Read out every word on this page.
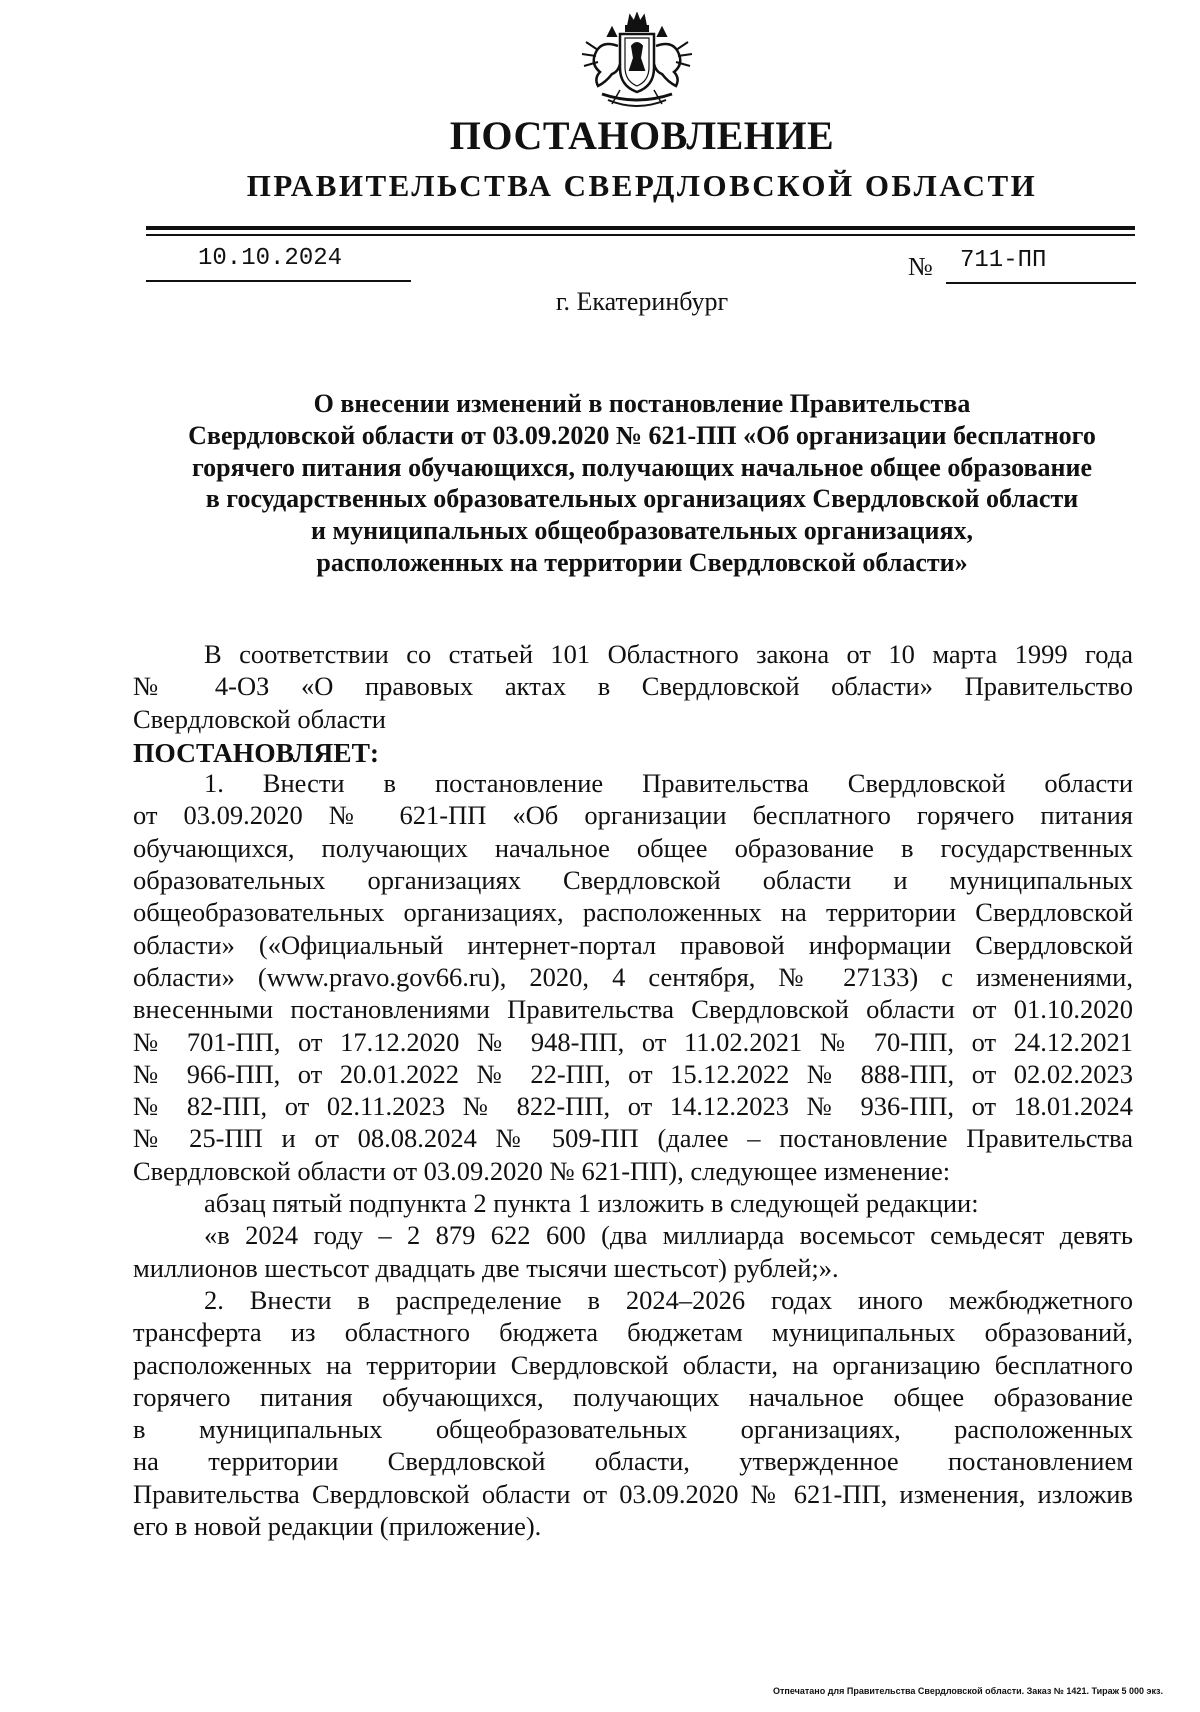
ПОСТАНОВЛЕНИЕ
ПРАВИТЕЛЬСТВА СВЕРДЛОВСКОЙ ОБЛАСТИ
10.10.2024	№ 711-ПП
г. Екатеринбург
О внесении изменений в постановление Правительства
Свердловской области от 03.09.2020 № 621-ПП «Об организации бесплатного
горячего питания обучающихся, получающих начальное общее образование
в государственных образовательных организациях Свердловской области
и муниципальных общеобразовательных организациях,
расположенных на территории Свердловской области»

В соответствии со статьей 101 Областного закона от 10 марта 1999 года

№ 4-ОЗ «О правовых актах в Свердловской области» Правительство

Свердловской области

ПОСТАНОВЛЯЕТ:

1. Внести в постановление Правительства Свердловской области

от 03.09.2020 № 621-ПП «Об организации бесплатного горячего питания

обучающихся, получающих начальное общее образование в государственных

образовательных организациях Свердловской области и муниципальных

общеобразовательных организациях, расположенных на территории Свердловской

области» («Официальный интернет-портал правовой информации Свердловской

области» (www.pravo.gov66.ru), 2020, 4 сентября, № 27133) с изменениями,

внесенными постановлениями Правительства Свердловской области от 01.10.2020

№ 701-ПП, от 17.12.2020 № 948-ПП, от 11.02.2021 № 70-ПП, от 24.12.2021

№ 966-ПП, от 20.01.2022 № 22-ПП, от 15.12.2022 № 888-ПП, от 02.02.2023

№ 82-ПП, от 02.11.2023 № 822-ПП, от 14.12.2023 № 936-ПП, от 18.01.2024

№ 25-ПП и от 08.08.2024 № 509-ПП (далее – постановление Правительства

Свердловской области от 03.09.2020 № 621-ПП), следующее изменение:

абзац пятый подпункта 2 пункта 1 изложить в следующей редакции:

«в 2024 году – 2 879 622 600 (два миллиарда восемьсот семьдесят девять

миллионов шестьсот двадцать две тысячи шестьсот) рублей;».

2. Внести в распределение в 2024–2026 годах иного межбюджетного

трансферта из областного бюджета бюджетам муниципальных образований,

расположенных на территории Свердловской области, на организацию бесплатного

горячего питания обучающихся, получающих начальное общее образование

в муниципальных общеобразовательных организациях, расположенных

на территории Свердловской области, утвержденное постановлением

Правительства Свердловской области от 03.09.2020 № 621-ПП, изменения, изложив

его в новой редакции (приложение).

Отпечатано для Правительства Свердловской области. Заказ № 1421. Тираж 5 000 экз.
